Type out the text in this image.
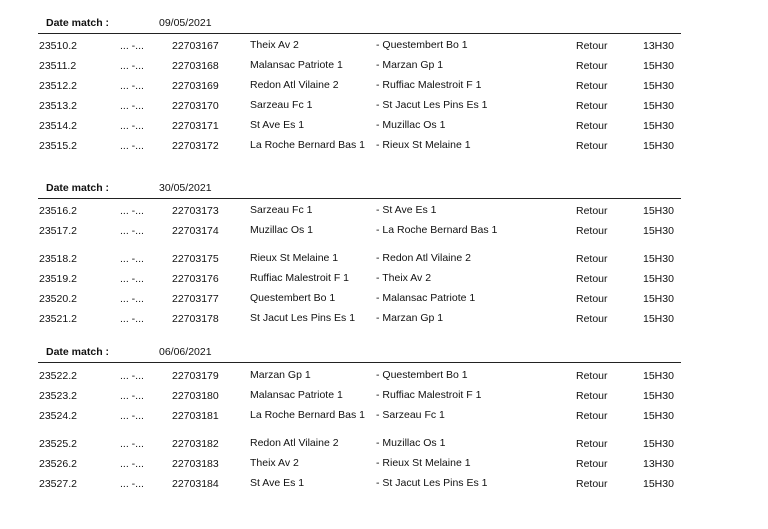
Date match :	09/05/2021
23510.2	... -...	22703167	Theix Av 2	- Questembert Bo 1	Retour	13H30
23511.2	... -...	22703168	Malansac Patriote 1	- Marzan Gp 1	Retour	15H30
23512.2	... -...	22703169	Redon Atl Vilaine 2	- Ruffiac Malestroit F 1	Retour	15H30
23513.2	... -...	22703170	Sarzeau Fc 1	- St Jacut Les Pins Es 1	Retour	15H30
23514.2	... -...	22703171	St Ave Es 1	- Muzillac Os 1	Retour	15H30
23515.2	... -...	22703172	La Roche Bernard Bas 1	- Rieux St Melaine 1	Retour	15H30
Date match :	30/05/2021
23516.2	... -...	22703173	Sarzeau Fc 1	- St Ave Es 1	Retour	15H30
23517.2	... -...	22703174	Muzillac Os 1	- La Roche Bernard Bas 1	Retour	15H30
23518.2	... -...	22703175	Rieux St Melaine 1	- Redon Atl Vilaine 2	Retour	15H30
23519.2	... -...	22703176	Ruffiac Malestroit F 1	- Theix Av 2	Retour	15H30
23520.2	... -...	22703177	Questembert Bo 1	- Malansac Patriote 1	Retour	15H30
23521.2	... -...	22703178	St Jacut Les Pins Es 1	- Marzan Gp 1	Retour	15H30
Date match :	06/06/2021
23522.2	... -...	22703179	Marzan Gp 1	- Questembert Bo 1	Retour	15H30
23523.2	... -...	22703180	Malansac Patriote 1	- Ruffiac Malestroit F 1	Retour	15H30
23524.2	... -...	22703181	La Roche Bernard Bas 1	- Sarzeau Fc 1	Retour	15H30
23525.2	... -...	22703182	Redon Atl Vilaine 2	- Muzillac Os 1	Retour	15H30
23526.2	... -...	22703183	Theix Av 2	- Rieux St Melaine 1	Retour	13H30
23527.2	... -...	22703184	St Ave Es 1	- St Jacut Les Pins Es 1	Retour	15H30
